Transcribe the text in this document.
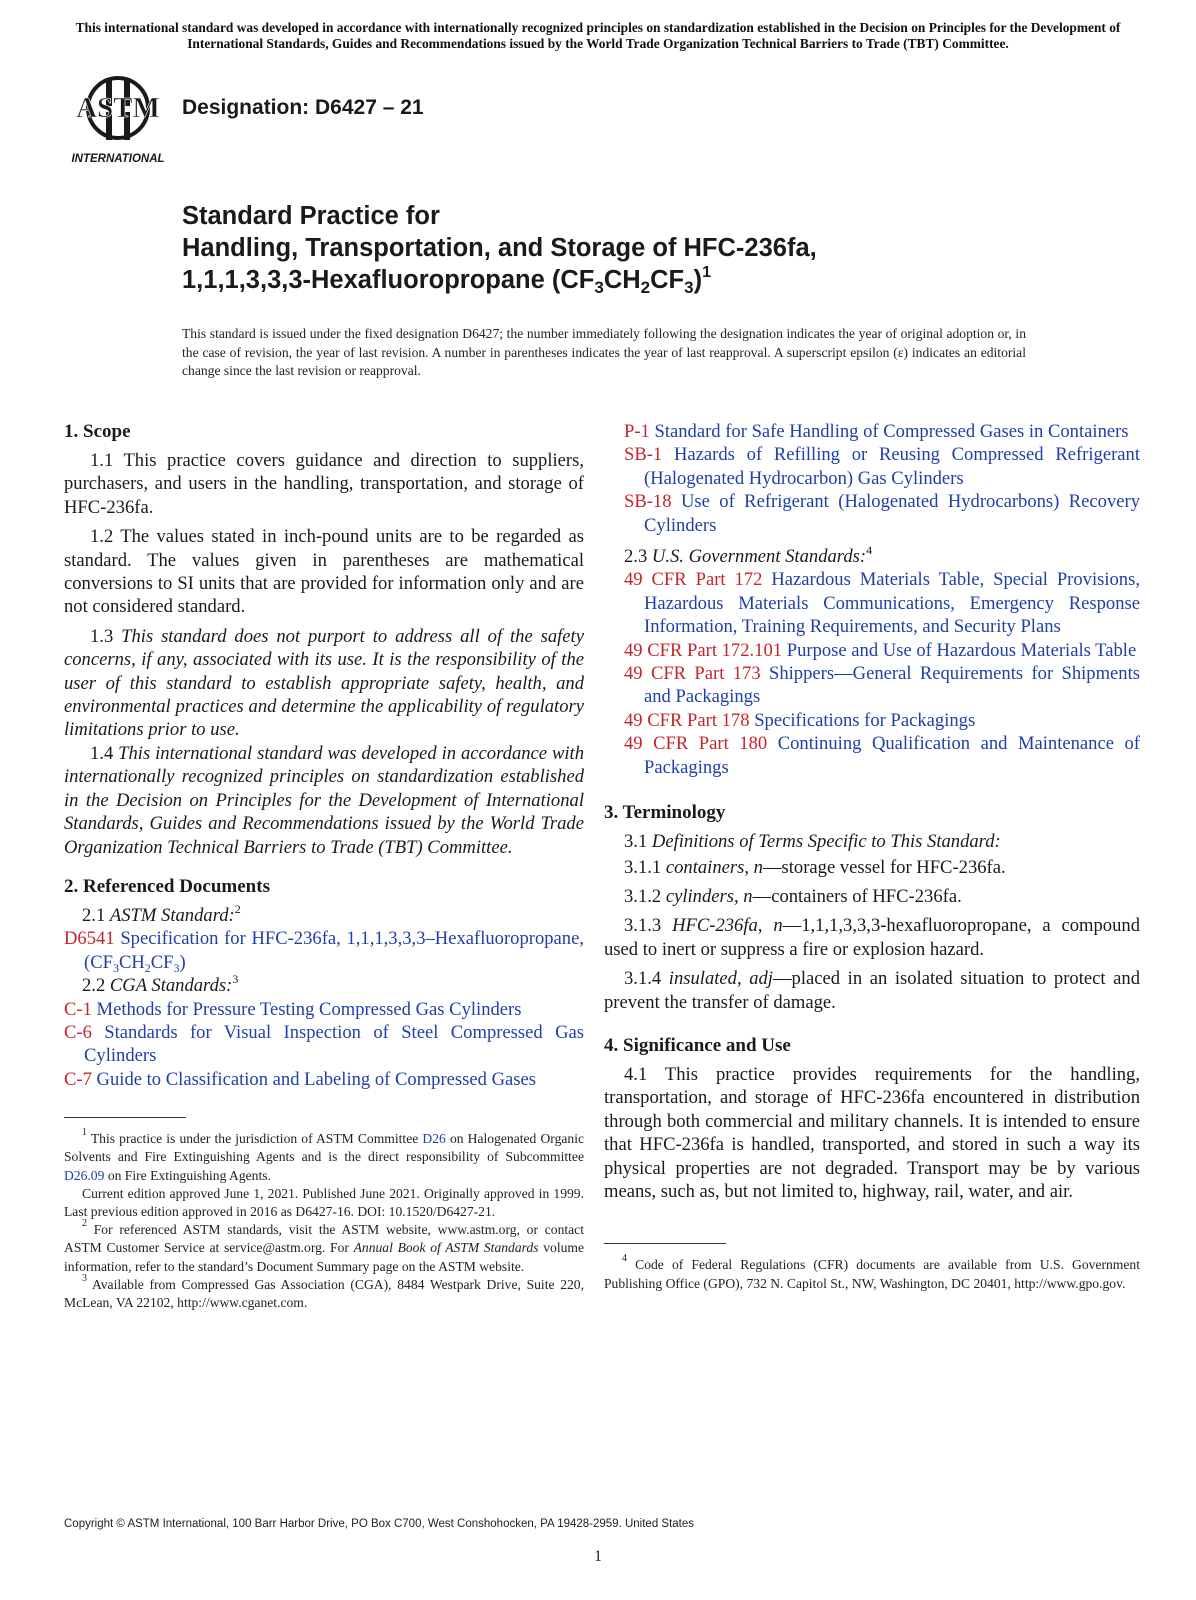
This international standard was developed in accordance with internationally recognized principles on standardization established in the Decision on Principles for the Development of International Standards, Guides and Recommendations issued by the World Trade Organization Technical Barriers to Trade (TBT) Committee.
ASTM
INTERNATIONAL
Designation: D6427 – 21
Standard Practice for
Handling, Transportation, and Storage of HFC-236fa,
1,1,1,3,3,3-Hexafluoropropane $(CF_3CH_2CF_3)^1$
This standard is issued under the fixed designation D6427; the number immediately following the designation indicates the year of original adoption or, in the case of revision, the year of last revision. A number in parentheses indicates the year of last reapproval. A superscript epsilon (ε) indicates an editorial change since the last revision or reapproval.
1. Scope

1.1 This practice covers guidance and direction to suppliers, purchasers, and users in the handling, transportation, and storage of HFC-236fa.

1.2 The values stated in inch-pound units are to be regarded as standard. The values given in parentheses are mathematical conversions to SI units that are provided for information only and are not considered standard.

1.3 This standard does not purport to address all of the safety concerns, if any, associated with its use. It is the responsibility of the user of this standard to establish appropriate safety, health, and environmental practices and determine the applicability of regulatory limitations prior to use.

1.4 This international standard was developed in accordance with internationally recognized principles on standardization established in the Decision on Principles for the Development of International Standards, Guides and Recommendations issued by the World Trade Organization Technical Barriers to Trade (TBT) Committee.

2. Referenced Documents

2.1 ASTM Standard:$^2$

D6541 Specification for HFC-236fa, 1,1,1,3,3,3–Hexafluoropropane, $(CF_3CH_2CF_3)$

2.2 CGA Standards:$^3$

C-1 Methods for Pressure Testing Compressed Gas Cylinders

C-6 Standards for Visual Inspection of Steel Compressed Gas Cylinders

C-7 Guide to Classification and Labeling of Compressed Gases

$^1$ This practice is under the jurisdiction of ASTM Committee D26 on Halogenated Organic Solvents and Fire Extinguishing Agents and is the direct responsibility of Subcommittee D26.09 on Fire Extinguishing Agents.

Current edition approved June 1, 2021. Published June 2021. Originally approved in 1999. Last previous edition approved in 2016 as D6427-16. DOI: 10.1520/D6427-21.

$^2$ For referenced ASTM standards, visit the ASTM website, www.astm.org, or contact ASTM Customer Service at service@astm.org. For Annual Book of ASTM Standards volume information, refer to the standard’s Document Summary page on the ASTM website.

$^3$ Available from Compressed Gas Association (CGA), 8484 Westpark Drive, Suite 220, McLean, VA 22102, http://www.cganet.com.

P-1 Standard for Safe Handling of Compressed Gases in Containers

SB-1 Hazards of Refilling or Reusing Compressed Refrigerant (Halogenated Hydrocarbon) Gas Cylinders

SB-18 Use of Refrigerant (Halogenated Hydrocarbons) Recovery Cylinders

2.3 U.S. Government Standards:$^4$

49 CFR Part 172 Hazardous Materials Table, Special Provisions, Hazardous Materials Communications, Emergency Response Information, Training Requirements, and Security Plans

49 CFR Part 172.101 Purpose and Use of Hazardous Materials Table

49 CFR Part 173 Shippers—General Requirements for Shipments and Packagings

49 CFR Part 178 Specifications for Packagings

49 CFR Part 180 Continuing Qualification and Maintenance of Packagings

3. Terminology

3.1 Definitions of Terms Specific to This Standard:

3.1.1 containers, n—storage vessel for HFC-236fa.

3.1.2 cylinders, n—containers of HFC-236fa.

3.1.3 HFC-236fa, n—1,1,1,3,3,3-hexafluoropropane, a compound used to inert or suppress a fire or explosion hazard.

3.1.4 insulated, adj—placed in an isolated situation to protect and prevent the transfer of damage.

4. Significance and Use

4.1 This practice provides requirements for the handling, transportation, and storage of HFC-236fa encountered in distribution through both commercial and military channels. It is intended to ensure that HFC-236fa is handled, transported, and stored in such a way its physical properties are not degraded. Transport may be by various means, such as, but not limited to, highway, rail, water, and air.

$^4$ Code of Federal Regulations (CFR) documents are available from U.S. Government Publishing Office (GPO), 732 N. Capitol St., NW, Washington, DC 20401, http://www.gpo.gov.

Copyright © ASTM International, 100 Barr Harbor Drive, PO Box C700, West Conshohocken, PA 19428-2959. United States
1
